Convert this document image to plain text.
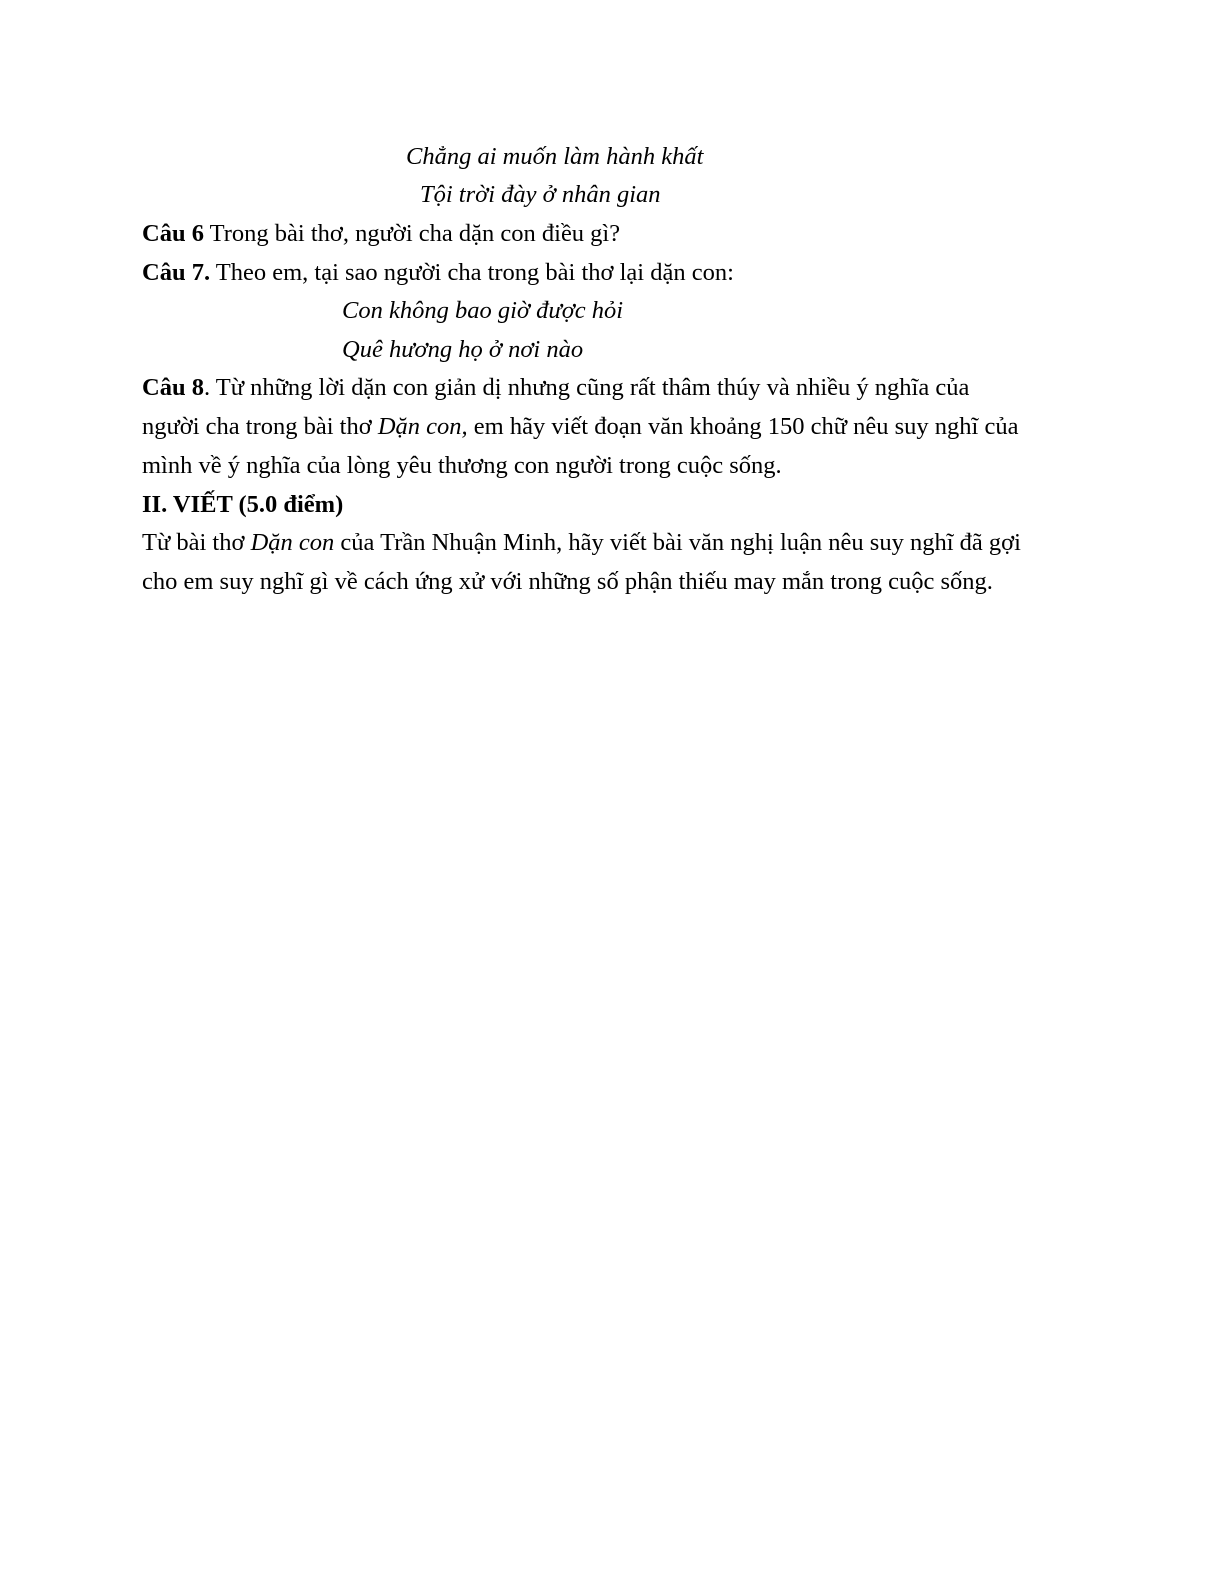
Chẳng ai muốn làm hành khất
Tội trời đày ở nhân gian
Câu 6 Trong bài thơ, người cha dặn con điều gì?
Câu 7. Theo em, tại sao người cha trong bài thơ lại dặn con:
Con không bao giờ được hỏi
Quê hương họ ở nơi nào
Câu 8. Từ những lời dặn con giản dị nhưng cũng rất thâm thúy và nhiều ý nghĩa của
người cha trong bài thơ Dặn con, em hãy viết đoạn văn khoảng 150 chữ nêu suy nghĩ của
mình về ý nghĩa của lòng yêu thương con người trong cuộc sống.
II. VIẾT (5.0 điểm)
Từ bài thơ Dặn con của Trần Nhuận Minh, hãy viết bài văn nghị luận nêu suy nghĩ đã gợi
cho em suy nghĩ gì về cách ứng xử với những số phận thiếu may mắn trong cuộc sống.
